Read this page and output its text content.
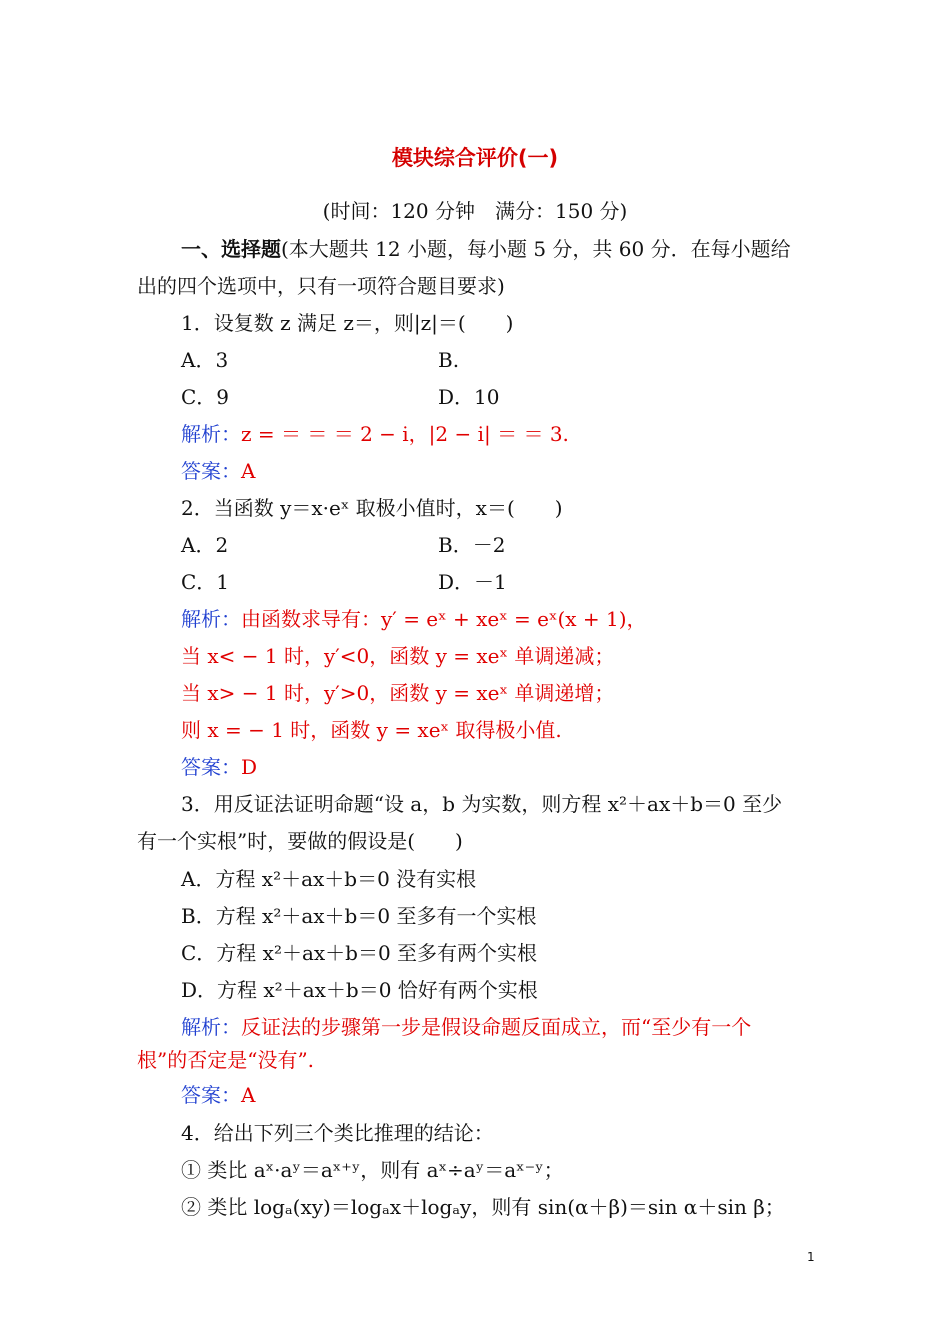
模块综合评价(一)
(时间：120 分钟　满分：150 分)
一、选择题(本大题共 12 小题，每小题 5 分，共 60 分．在每小题给
出的四个选项中，只有一项符合题目要求)
1．设复数 z 满足 z＝，则|z|＝(　　)
A．3	B.
C．9	D．10
解析：z = ＝ ＝ ＝ 2 − i，|2 − i| ＝ ＝ 3.
答案：A
2．当函数 y＝x·eˣ 取极小值时，x＝(　　)
A．2	B．－2
C．1	D．－1
解析：由函数求导有：y′ = eˣ + xeˣ = eˣ(x + 1)，
当 x< − 1 时，y′<0，函数 y = xeˣ 单调递减；
当 x> − 1 时，y′>0，函数 y = xeˣ 单调递增；
则 x = − 1 时，函数 y = xeˣ 取得极小值.
答案：D
3．用反证法证明命题“设 a，b 为实数，则方程 x²＋ax＋b＝0 至少
有一个实根”时，要做的假设是(　　)
A．方程 x²＋ax＋b＝0 没有实根
B．方程 x²＋ax＋b＝0 至多有一个实根
C．方程 x²＋ax＋b＝0 至多有两个实根
D．方程 x²＋ax＋b＝0 恰好有两个实根
解析：反证法的步骤第一步是假设命题反面成立，而“至少有一个
根”的否定是“没有”.
答案：A
4．给出下列三个类比推理的结论：
① 类比 aˣ·aʸ＝aˣ⁺ʸ，则有 aˣ÷aʸ＝aˣ⁻ʸ；
② 类比 logₐ(xy)＝logₐx＋logₐy，则有 sin(α＋β)＝sin α＋sin β；
1
